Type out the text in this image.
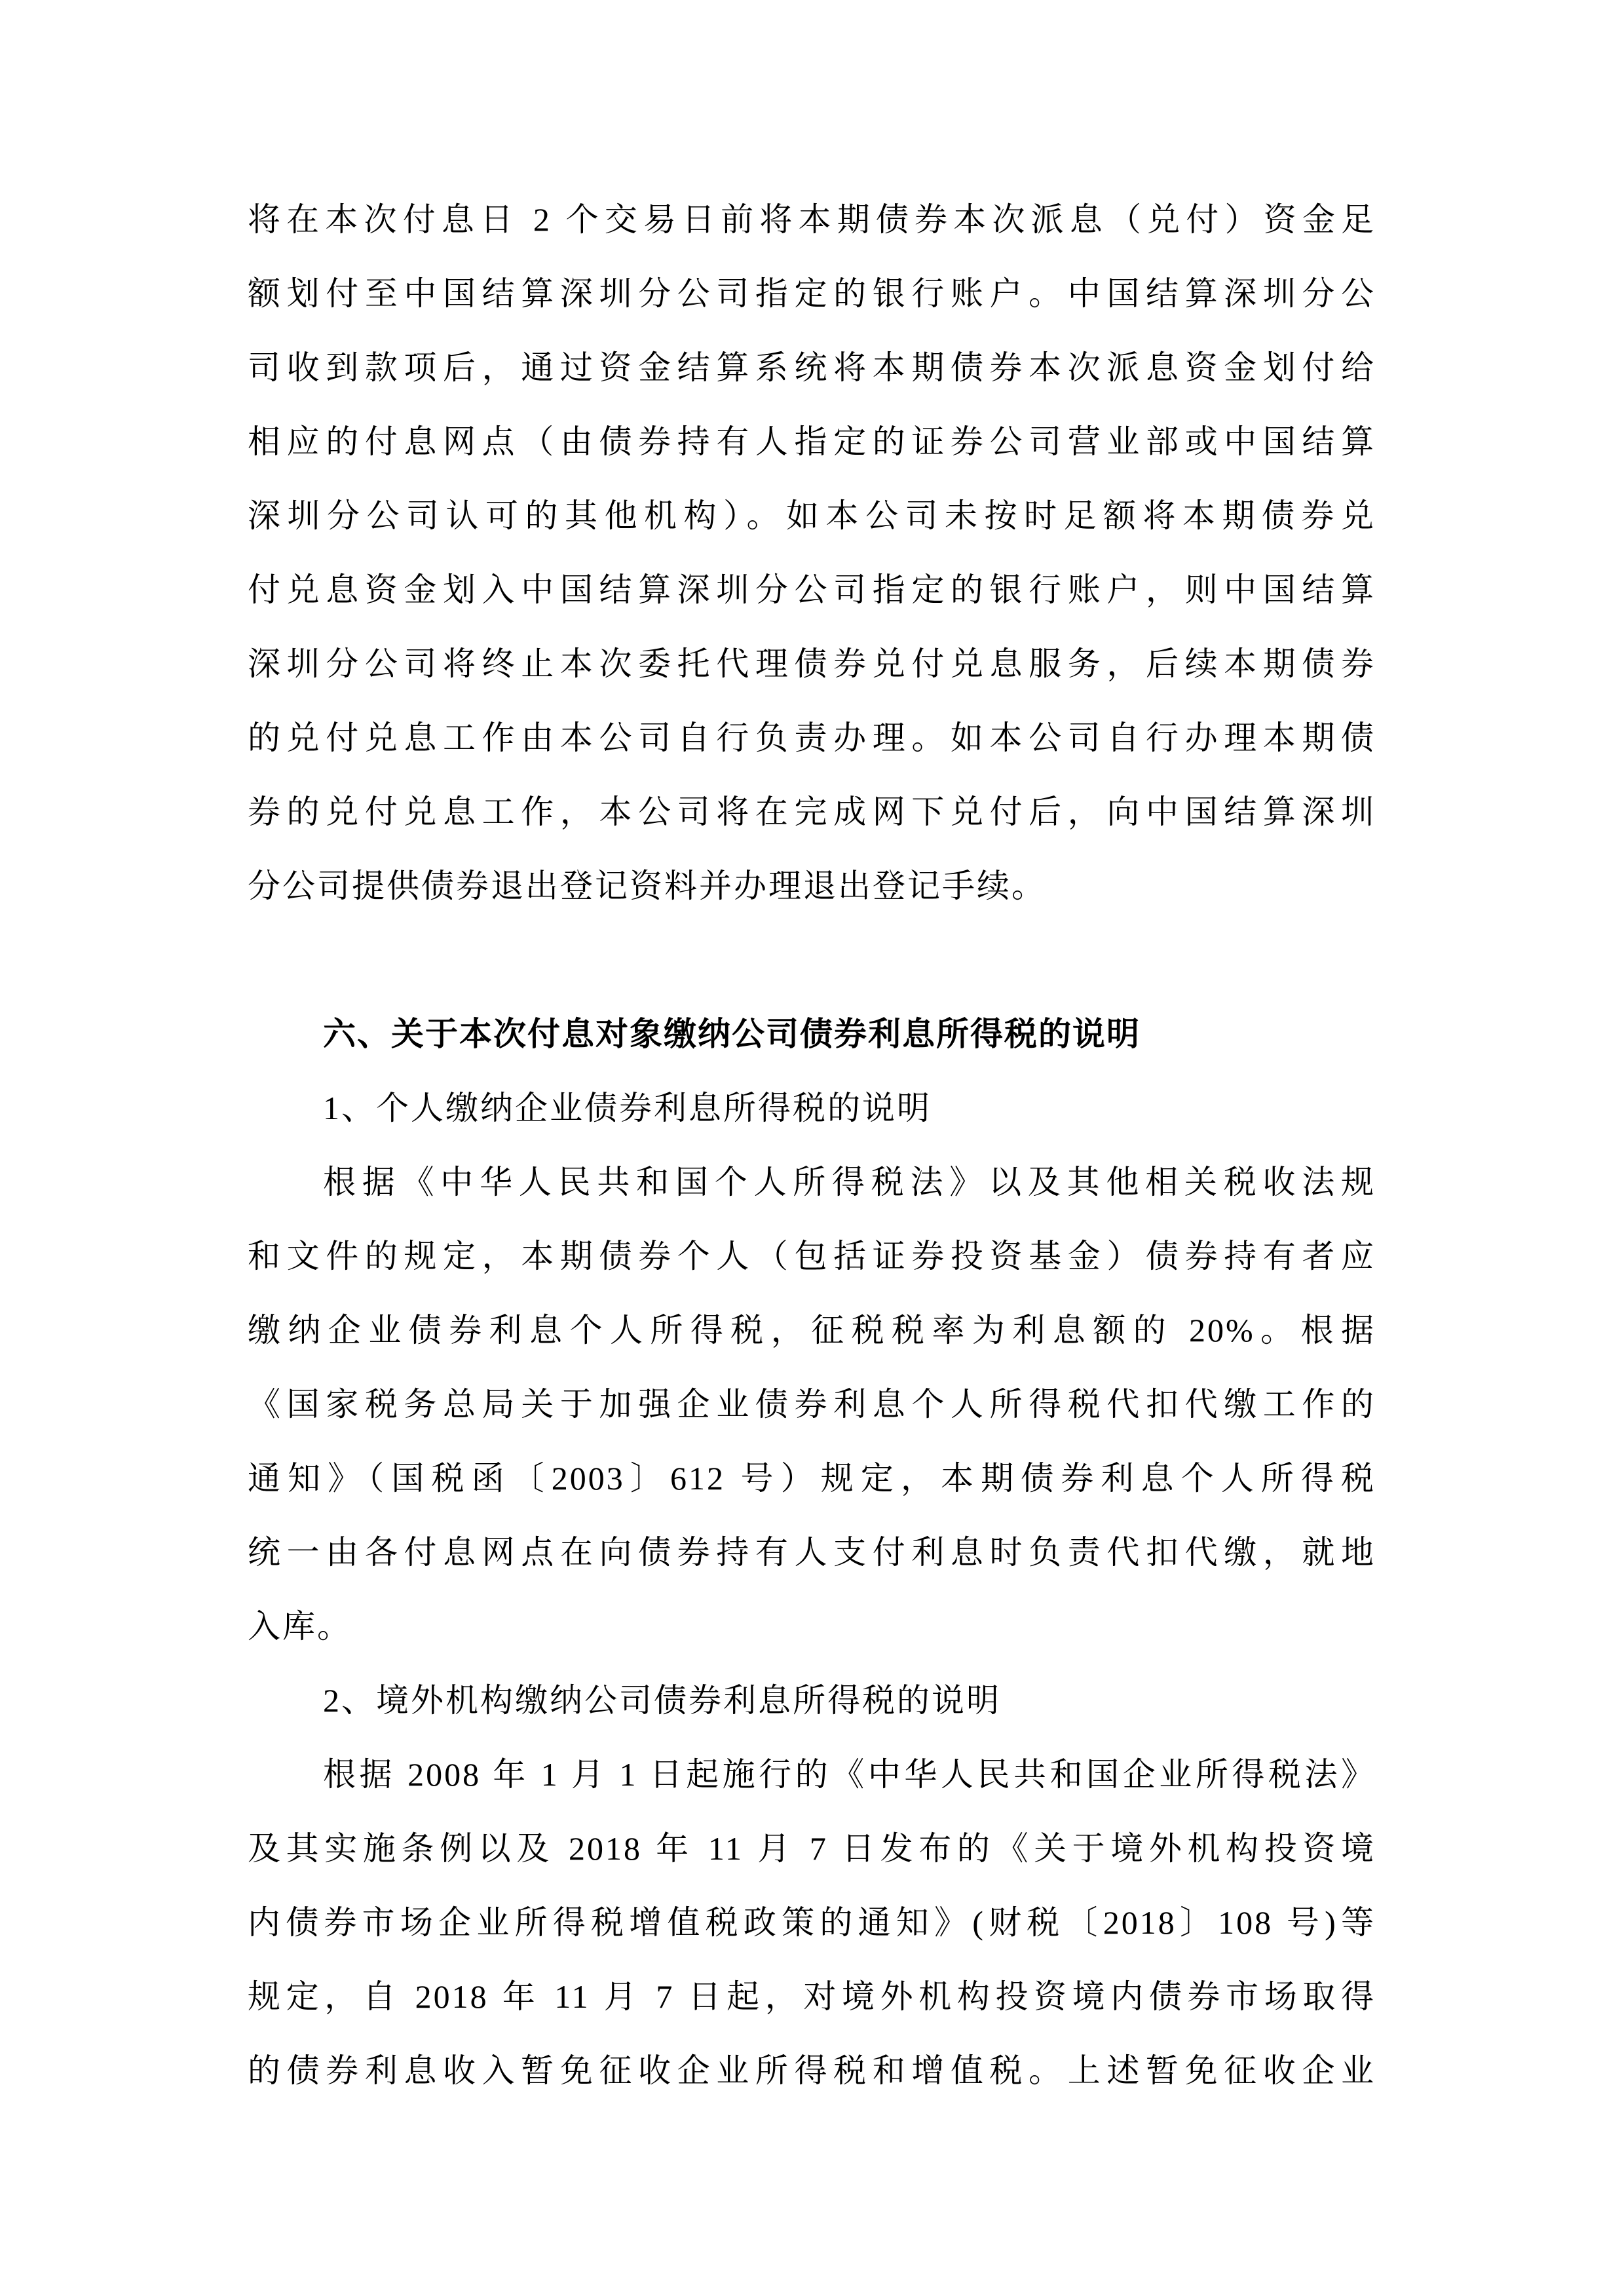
将在本次付息日 2 个交易日前将本期债券本次派息（兑付）资金足
额划付至中国结算深圳分公司指定的银行账户。中国结算深圳分公
司收到款项后，通过资金结算系统将本期债券本次派息资金划付给
相应的付息网点（由债券持有人指定的证券公司营业部或中国结算
深圳分公司认可的其他机构）。如本公司未按时足额将本期债券兑
付兑息资金划入中国结算深圳分公司指定的银行账户，则中国结算
深圳分公司将终止本次委托代理债券兑付兑息服务，后续本期债券
的兑付兑息工作由本公司自行负责办理。如本公司自行办理本期债
券的兑付兑息工作，本公司将在完成网下兑付后，向中国结算深圳
分公司提供债券退出登记资料并办理退出登记手续。
六、关于本次付息对象缴纳公司债券利息所得税的说明
1、个人缴纳企业债券利息所得税的说明
根据《中华人民共和国个人所得税法》以及其他相关税收法规
和文件的规定，本期债券个人（包括证券投资基金）债券持有者应
缴纳企业债券利息个人所得税，征税税率为利息额的 20%。根据
《国家税务总局关于加强企业债券利息个人所得税代扣代缴工作的
通知》（国税函〔2003〕612 号）规定，本期债券利息个人所得税
统一由各付息网点在向债券持有人支付利息时负责代扣代缴，就地
入库。
2、境外机构缴纳公司债券利息所得税的说明
根据 2008 年 1 月 1 日起施行的《中华人民共和国企业所得税法》
及其实施条例以及 2018 年 11 月 7 日发布的《关于境外机构投资境
内债券市场企业所得税增值税政策的通知》(财税〔2018〕108 号)等
规定，自 2018 年 11 月 7 日起，对境外机构投资境内债券市场取得
的债券利息收入暂免征收企业所得税和增值税。上述暂免征收企业
